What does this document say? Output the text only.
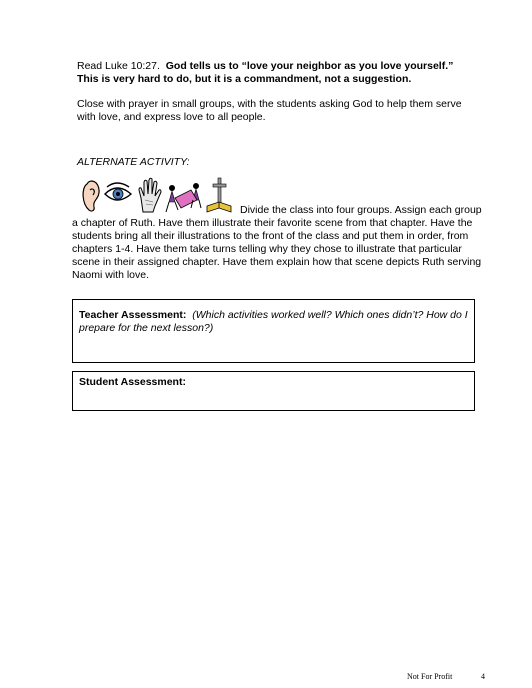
Read Luke 10:27. God tells us to “love your neighbor as you love yourself.” This is very hard to do, but it is a commandment, not a suggestion.
Close with prayer in small groups, with the students asking God to help them serve with love, and express love to all people.
ALTERNATE ACTIVITY:
Divide the class into four groups. Assign each group
a chapter of Ruth. Have them illustrate their favorite scene from that chapter. Have the students bring all their illustrations to the front of the class and put them in order, from chapters 1-4. Have them take turns telling why they chose to illustrate that particular scene in their assigned chapter. Have them explain how that scene depicts Ruth serving Naomi with love.
Teacher Assessment: (Which activities worked well? Which ones didn’t? How do I prepare for the next lesson?)
Student Assessment:
Not For Profit	4
